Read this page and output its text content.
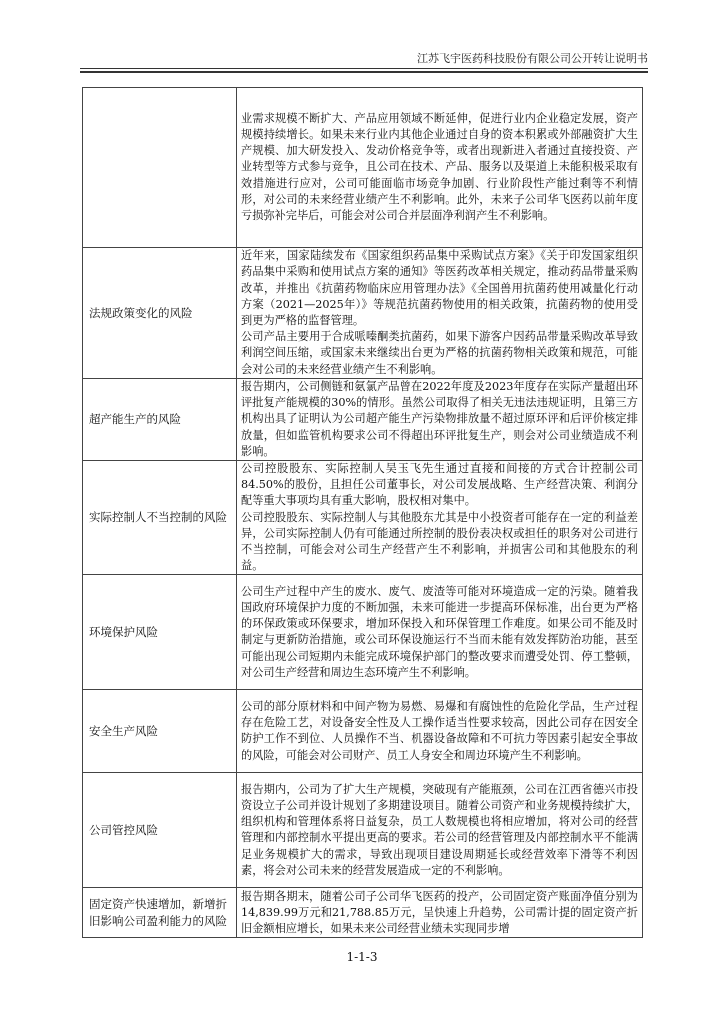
江苏飞宇医药科技股份有限公司公开转让说明书

	业需求规模不断扩大、产品应用领域不断延伸，促进行业内企业稳定发展，资产规模持续增长。如果未来行业内其他企业通过自身的资本积累或外部融资扩大生产规模、加大研发投入、发动价格竞争等，或者出现新进入者通过直接投资、产业转型等方式参与竞争，且公司在技术、产品、服务以及渠道上未能积极采取有效措施进行应对，公司可能面临市场竞争加剧、行业阶段性产能过剩等不利情形，对公司的未来经营业绩产生不利影响。此外，未来子公司华飞医药以前年度亏损弥补完毕后，可能会对公司合并层面净利润产生不利影响。

法规政策变化的风险	近年来，国家陆续发布《国家组织药品集中采购试点方案》《关于印发国家组织药品集中采购和使用试点方案的通知》等医药改革相关规定，推动药品带量采购改革，并推出《抗菌药物临床应用管理办法》《全国兽用抗菌药使用减量化行动方案（2021—2025年）》等规范抗菌药物使用的相关政策，抗菌药物的使用受到更为严格的监督管理。
公司产品主要用于合成哌嗪酮类抗菌药，如果下游客户因药品带量采购改革导致利润空间压缩，或国家未来继续出台更为严格的抗菌药物相关政策和规范，可能会对公司的未来经营业绩产生不利影响。

超产能生产的风险	报告期内，公司侧链和氨氯产品曾在2022年度及2023年度存在实际产量超出环评批复产能规模的30%的情形。虽然公司取得了相关无违法违规证明，且第三方机构出具了证明认为公司超产能生产污染物排放量不超过原环评和后评价核定排放量，但如监管机构要求公司不得超出环评批复生产，则会对公司业绩造成不利影响。

实际控制人不当控制的风险	公司控股股东、实际控制人吴玉飞先生通过直接和间接的方式合计控制公司84.50%的股份，且担任公司董事长，对公司发展战略、生产经营决策、利润分配等重大事项均具有重大影响，股权相对集中。
公司控股股东、实际控制人与其他股东尤其是中小投资者可能存在一定的利益差异，公司实际控制人仍有可能通过所控制的股份表决权或担任的职务对公司进行不当控制，可能会对公司生产经营产生不利影响，并损害公司和其他股东的利益。

环境保护风险	公司生产过程中产生的废水、废气、废渣等可能对环境造成一定的污染。随着我国政府环境保护力度的不断加强，未来可能进一步提高环保标准，出台更为严格的环保政策或环保要求，增加环保投入和环保管理工作难度。如果公司不能及时制定与更新防治措施，或公司环保设施运行不当而未能有效发挥防治功能，甚至可能出现公司短期内未能完成环境保护部门的整改要求而遭受处罚、停工整顿，对公司生产经营和周边生态环境产生不利影响。

安全生产风险	公司的部分原材料和中间产物为易燃、易爆和有腐蚀性的危险化学品，生产过程存在危险工艺，对设备安全性及人工操作适当性要求较高，因此公司存在因安全防护工作不到位、人员操作不当、机器设备故障和不可抗力等因素引起安全事故的风险，可能会对公司财产、员工人身安全和周边环境产生不利影响。

公司管控风险	报告期内，公司为了扩大生产规模，突破现有产能瓶颈，公司在江西省德兴市投资设立子公司并设计规划了多期建设项目。随着公司资产和业务规模持续扩大，组织机构和管理体系将日益复杂，员工人数规模也将相应增加，将对公司的经营管理和内部控制水平提出更高的要求。若公司的经营管理及内部控制水平不能满足业务规模扩大的需求，导致出现项目建设周期延长或经营效率下滑等不利因素，将会对公司未来的经营发展造成一定的不利影响。

固定资产快速增加，新增折旧影响公司盈利能力的风险	报告期各期末，随着公司子公司华飞医药的投产，公司固定资产账面净值分别为14,839.99万元和21,788.85万元，呈快速上升趋势，公司需计提的固定资产折旧金额相应增长，如果未来公司经营业绩未实现同步增
1-1-3
